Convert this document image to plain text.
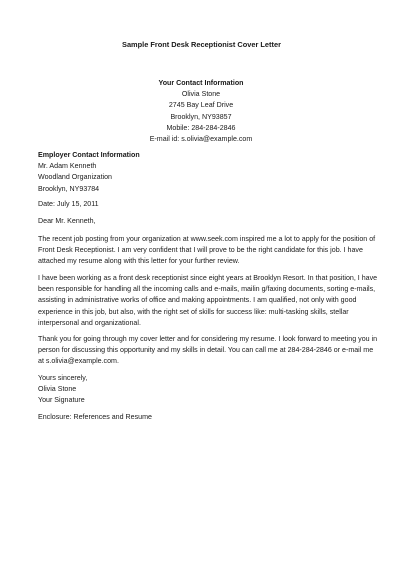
Sample Front Desk Receptionist Cover Letter
Your Contact Information
Olivia Stone
2745 Bay Leaf Drive
Brooklyn, NY93857
Mobile: 284-284-2846
E-mail id: s.olivia@example.com
Employer Contact Information
Mr. Adam Kenneth
Woodland Organization
Brooklyn, NY93784
Date: July 15, 2011
Dear Mr. Kenneth,
The recent job posting from your organization at www.seek.com inspired me a lot to apply for the position of
Front Desk Receptionist. I am very confident that I will prove to be the right candidate for this job. I have
attached my resume along with this letter for your further review.
I have been working as a front desk receptionist since eight years at Brooklyn Resort. In that position, I have
been responsible for handling all the incoming calls and e-mails, mailin g/faxing documents, sorting e-mails,
assisting in administrative works of office and making appointments. I am qualified, not only with good
experience in this job, but also, with the right set of skills for success like: multi-tasking skills, stellar
interpersonal and organizational.
Thank you for going through my cover letter and for considering my resume. I look forward to meeting you in
person for discussing this opportunity and my skills in detail. You can call me at 284-284-2846 or e-mail me
at s.olivia@example.com.
Yours sincerely,
Olivia Stone
Your Signature
Enclosure: References and Resume
